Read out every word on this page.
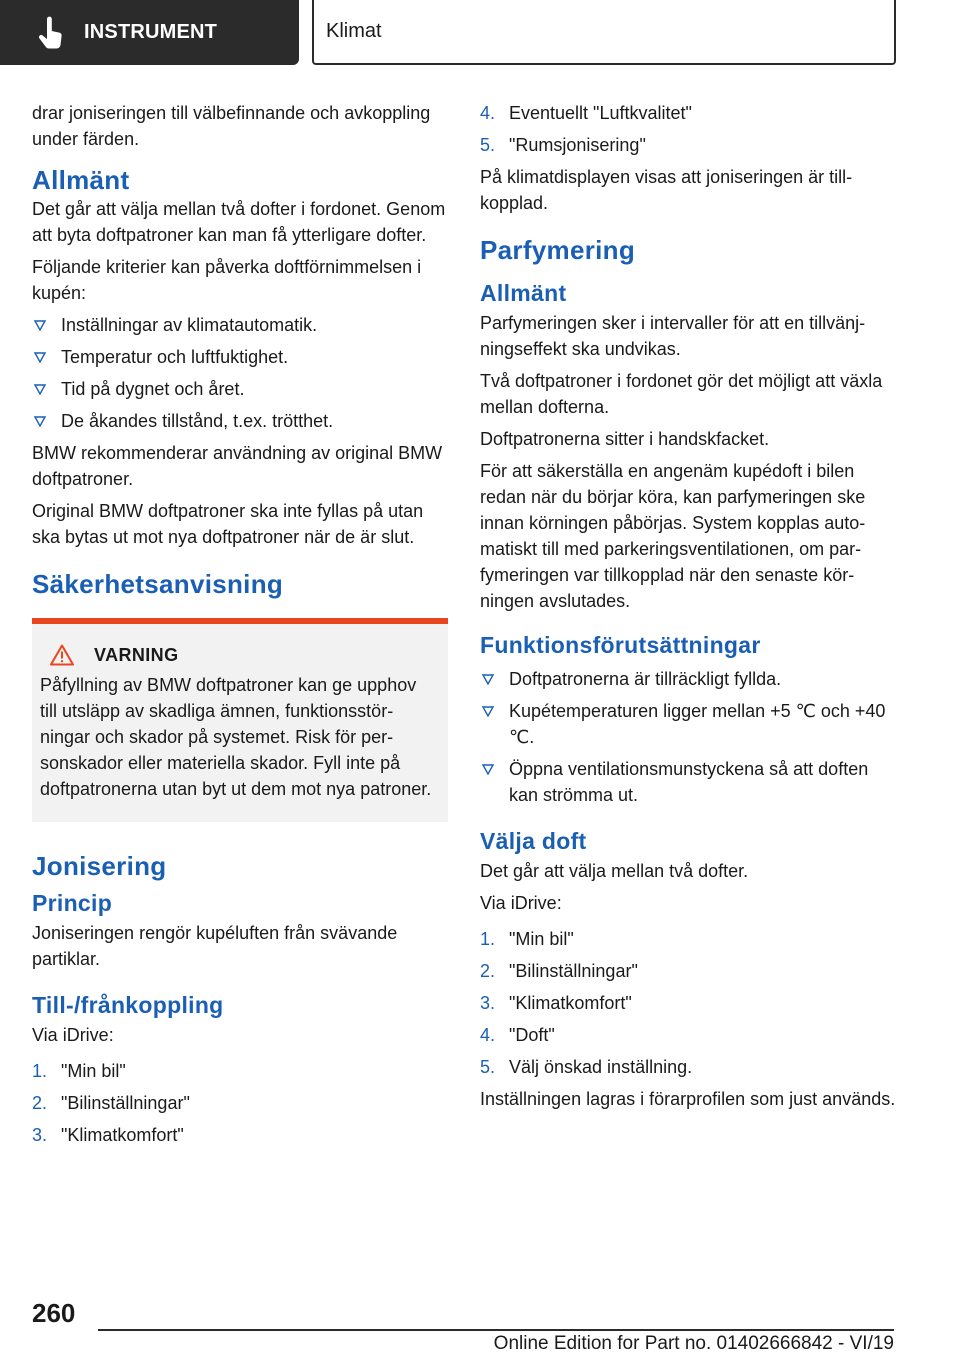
INSTRUMENT	Klimat

drar joniseringen till välbefinnande och avkoppling under färden.

Allmänt

Det går att välja mellan två dofter i fordonet. Genom att byta doftpatroner kan man få ytterligare dofter.

Följande kriterier kan påverka doftförnimmelsen i kupén:

Inställningar av klimatautomatik.
Temperatur och luftfuktighet.
Tid på dygnet och året.
De åkandes tillstånd, t.ex. trötthet.

BMW rekommenderar användning av original BMW doftpatroner.

Original BMW doftpatroner ska inte fyllas på utan ska bytas ut mot nya doftpatroner när de är slut.

Säkerhetsanvisning
VARNING
Påfyllning av BMW doftpatroner kan ge upphov till utsläpp av skadliga ämnen, funktionsstörningar och skador på systemet. Risk för personskador eller materiella skador. Fyll inte på doftpatronerna utan byt ut dem mot nya patroner.
Jonisering
Princip

Joniseringen rengör kupéluften från svävande partiklar.

Till-/frånkoppling

Via iDrive:

1. "Min bil"
2. "Bilinställningar"
3. "Klimatkomfort"
4. Eventuellt "Luftkvalitet"
5. "Rumsjonisering"

På klimatdisplayen visas att joniseringen är tillkopplad.

Parfymering
Allmänt

Parfymeringen sker i intervaller för att en tillvänjningseffekt ska undvikas.

Två doftpatroner i fordonet gör det möjligt att växla mellan dofterna.

Doftpatronerna sitter i handskfacket.

För att säkerställa en angenäm kupédoft i bilen redan när du börjar köra, kan parfymeringen ske innan körningen påbörjas. System kopplas automatiskt till med parkeringsventilationen, om parfymeringen var tillkopplad när den senaste körningen avslutades.

Funktionsförutsättningar
Doftpatronerna är tillräckligt fyllda.
Kupétemperaturen ligger mellan +5 ℃ och +40 ℃.
Öppna ventilationsmunstyckena så att doften kan strömma ut.
Välja doft

Det går att välja mellan två dofter.

Via iDrive:

1. "Min bil"
2. "Bilinställningar"
3. "Klimatkomfort"
4. "Doft"
5. Välj önskad inställning.

Inställningen lagras i förarprofilen som just används.

260
Online Edition for Part no. 01402666842 - VI/19
